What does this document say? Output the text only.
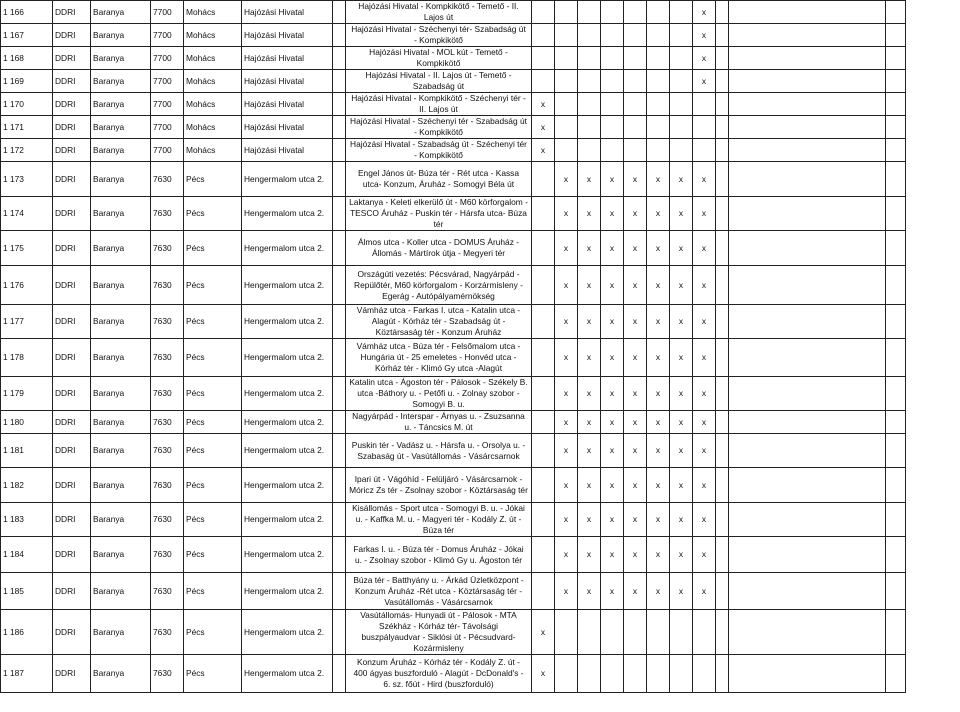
1 166	DDRI	Baranya	7700	Mohács	Hajózási Hivatal		Hajózási Hivatal - Kompkikötő - Temető - II. Lajos út								x			
1 167	DDRI	Baranya	7700	Mohács	Hajózási Hivatal		Hajózási Hivatal - Széchenyi tér- Szabadság út - Kompkikötő								x			
1 168	DDRI	Baranya	7700	Mohács	Hajózási Hivatal		Hajózási Hivatal - MOL kút - Temető - Kompkikötő								x			
1 169	DDRI	Baranya	7700	Mohács	Hajózási Hivatal		Hajózási Hivatal - II. Lajos út - Temető - Szabadság út								x			
1 170	DDRI	Baranya	7700	Mohács	Hajózási Hivatal		Hajózási Hivatal - Kompkikötő - Széchenyi tér - II. Lajos út	x										
1 171	DDRI	Baranya	7700	Mohács	Hajózási Hivatal		Hajózási Hivatal - Széchenyi tér - Szabadság út - Kompkikötő	x										
1 172	DDRI	Baranya	7700	Mohács	Hajózási Hivatal		Hajózási Hivatal - Szabadság út - Széchenyi tér - Kompkikötő	x										
1 173	DDRI	Baranya	7630	Pécs	Hengermalom utca 2.		Engel János út- Búza tér - Rét utca - Kassa utca- Konzum, Áruház - Somogyi Béla út		x	x	x	x	x	x	x			
1 174	DDRI	Baranya	7630	Pécs	Hengermalom utca 2.		Laktanya - Keleti elkerülő út - M60 körforgalom - TESCO Áruház - Puskin tér - Hársfa utca- Búza tér		x	x	x	x	x	x	x			
1 175	DDRI	Baranya	7630	Pécs	Hengermalom utca 2.		Álmos utca - Koller utca - DOMUS Áruház - Állomás - Mártírok útja - Megyeri tér		x	x	x	x	x	x	x			
1 176	DDRI	Baranya	7630	Pécs	Hengermalom utca 2.		Országúti vezetés: Pécsvárad, Nagyárpád - Repülőtér, M60 körforgalom - Korzármisleny - Egerág - Autópályamérnökség		x	x	x	x	x	x	x			
1 177	DDRI	Baranya	7630	Pécs	Hengermalom utca 2.		Vámház utca - Farkas I. utca - Katalin utca - Alagút - Kórház tér - Szabadság út - Köztársaság tér - Konzum Áruház		x	x	x	x	x	x	x			
1 178	DDRI	Baranya	7630	Pécs	Hengermalom utca 2.		Vámház utca - Búza tér - Felsőmalom utca - Hungária út - 25 emeletes - Honvéd utca - Kórház tér - Klimó Gy utca -Alagút		x	x	x	x	x	x	x			
1 179	DDRI	Baranya	7630	Pécs	Hengermalom utca 2.		Katalin utca - Ágoston tér - Pálosok - Székely B. utca -Báthory u. - Petőfi u. - Zolnay szobor - Somogyi B. u.		x	x	x	x	x	x	x			
1 180	DDRI	Baranya	7630	Pécs	Hengermalom utca 2.		Nagyárpád - Interspar - Árnyas u. - Zsuzsanna u. - Táncsics M. út		x	x	x	x	x	x	x			
1 181	DDRI	Baranya	7630	Pécs	Hengermalom utca 2.		Puskin tér - Vadász u. - Hársfa u. - Orsolya u. - Szabaság út - Vasútállomás - Vásárcsarnok		x	x	x	x	x	x	x			
1 182	DDRI	Baranya	7630	Pécs	Hengermalom utca 2.		Ipari út - Vágóhíd - Felüljáró - Vásárcsarnok - Móricz Zs tér - Zsolnay szobor - Köztársaság tér		x	x	x	x	x	x	x			
1 183	DDRI	Baranya	7630	Pécs	Hengermalom utca 2.		Kisállomás - Sport utca - Somogyi B. u. - Jókai u. - Kaffka M. u. - Magyeri tér - Kodály Z. út - Búza tér		x	x	x	x	x	x	x			
1 184	DDRI	Baranya	7630	Pécs	Hengermalom utca 2.		Farkas I. u. - Búza tér - Domus Áruház - Jókai u. - Zsolnay szobor - Klimó Gy u. Ágoston tér		x	x	x	x	x	x	x			
1 185	DDRI	Baranya	7630	Pécs	Hengermalom utca 2.		Búza tér - Batthyány u. - Árkád Üzletközpont - Konzum Áruház -Rét utca - Köztársaság tér - Vasútállomás - Vásárcsarnok		x	x	x	x	x	x	x			
1 186	DDRI	Baranya	7630	Pécs	Hengermalom utca 2.		Vasútállomás- Hunyadi út - Pálosok - MTA Székház - Kórház tér- Távolsági buszpályaudvar - Siklósi út - Pécsudvard- Kozármisleny	x										
1 187	DDRI	Baranya	7630	Pécs	Hengermalom utca 2.		Konzum Áruház - Kórház tér - Kodály Z. út - 400 ágyas buszforduló - Alagút - DcDonald's - 6. sz. főút - Hird (buszforduló)	x										
